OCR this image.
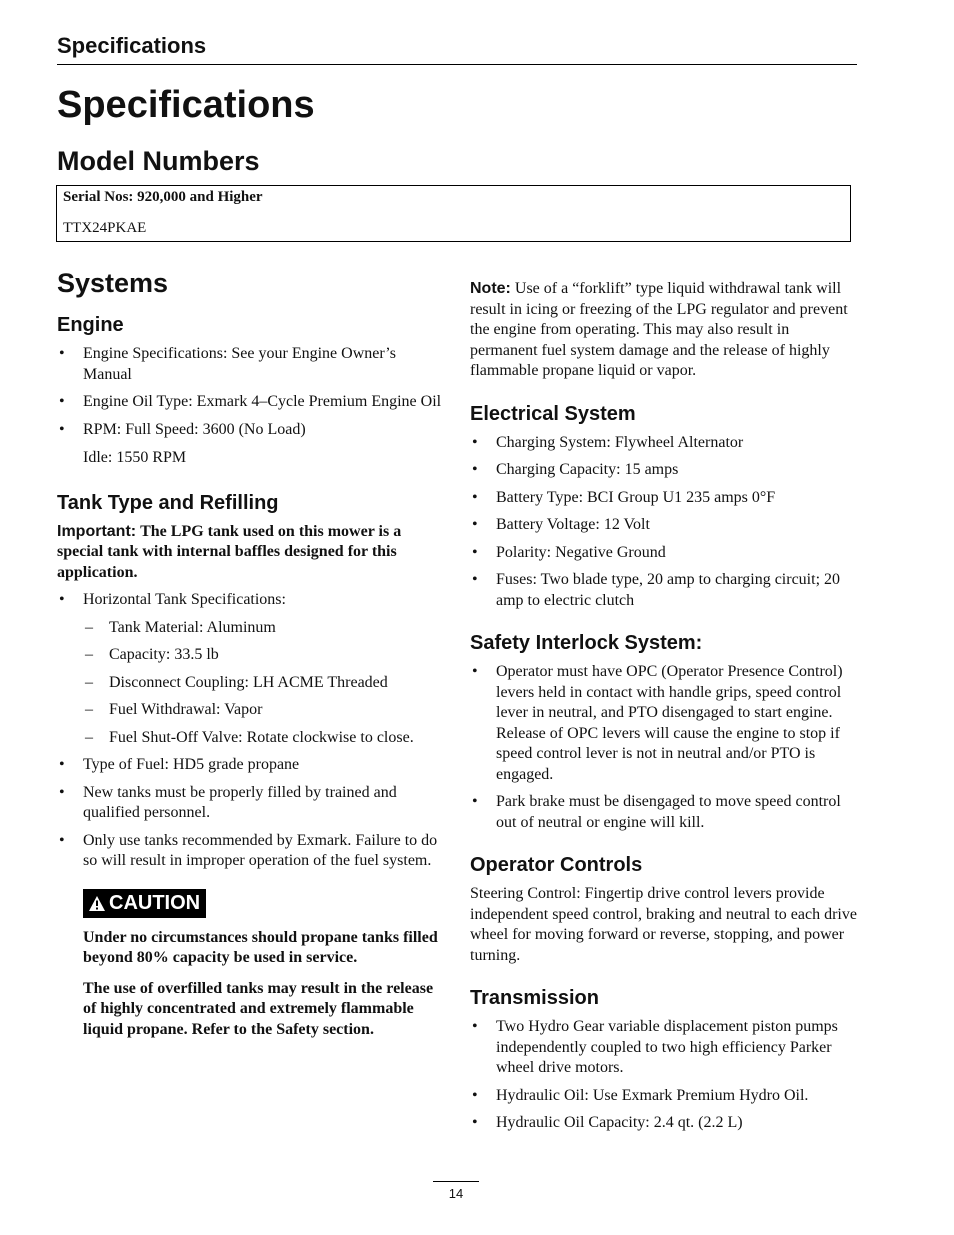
Specifications
Specifications
Model Numbers
Serial Nos: 920,000 and Higher
TTX24PKAE
Systems
Engine
• Engine Specifications: See your Engine Owner’s Manual
• Engine Oil Type: Exmark 4–Cycle Premium Engine Oil
• RPM: Full Speed: 3600 (No Load)

Idle: 1550 RPM

Tank Type and Refilling

Important: The LPG tank used on this mower is a special tank with internal baffles designed for this application.

• Horizontal Tank Specifications:
– Tank Material: Aluminum
– Capacity: 33.5 lb
– Disconnect Coupling: LH ACME Threaded
– Fuel Withdrawal: Vapor
– Fuel Shut-Off Valve: Rotate clockwise to close.
• Type of Fuel: HD5 grade propane
• New tanks must be properly filled by trained and qualified personnel.
• Only use tanks recommended by Exmark. Failure to do so will result in improper operation of the fuel system.
CAUTION

Under no circumstances should propane tanks filled beyond 80% capacity be used in service.

The use of overfilled tanks may result in the release of highly concentrated and extremely flammable liquid propane. Refer to the Safety section.

Note: Use of a “forklift” type liquid withdrawal tank will result in icing or freezing of the LPG regulator and prevent the engine from operating. This may also result in permanent fuel system damage and the release of highly flammable propane liquid or vapor.

Electrical System
• Charging System: Flywheel Alternator
• Charging Capacity: 15 amps
• Battery Type: BCI Group U1 235 amps 0°F
• Battery Voltage: 12 Volt
• Polarity: Negative Ground
• Fuses: Two blade type, 20 amp to charging circuit; 20 amp to electric clutch
Safety Interlock System:
• Operator must have OPC (Operator Presence Control) levers held in contact with handle grips, speed control lever in neutral, and PTO disengaged to start engine. Release of OPC levers will cause the engine to stop if speed control lever is not in neutral and/or PTO is engaged.
• Park brake must be disengaged to move speed control out of neutral or engine will kill.
Operator Controls

Steering Control: Fingertip drive control levers provide independent speed control, braking and neutral to each drive wheel for moving forward or reverse, stopping, and power turning.

Transmission
• Two Hydro Gear variable displacement piston pumps independently coupled to two high efficiency Parker wheel drive motors.
• Hydraulic Oil: Use Exmark Premium Hydro Oil.
• Hydraulic Oil Capacity: 2.4 qt. (2.2 L)
14
